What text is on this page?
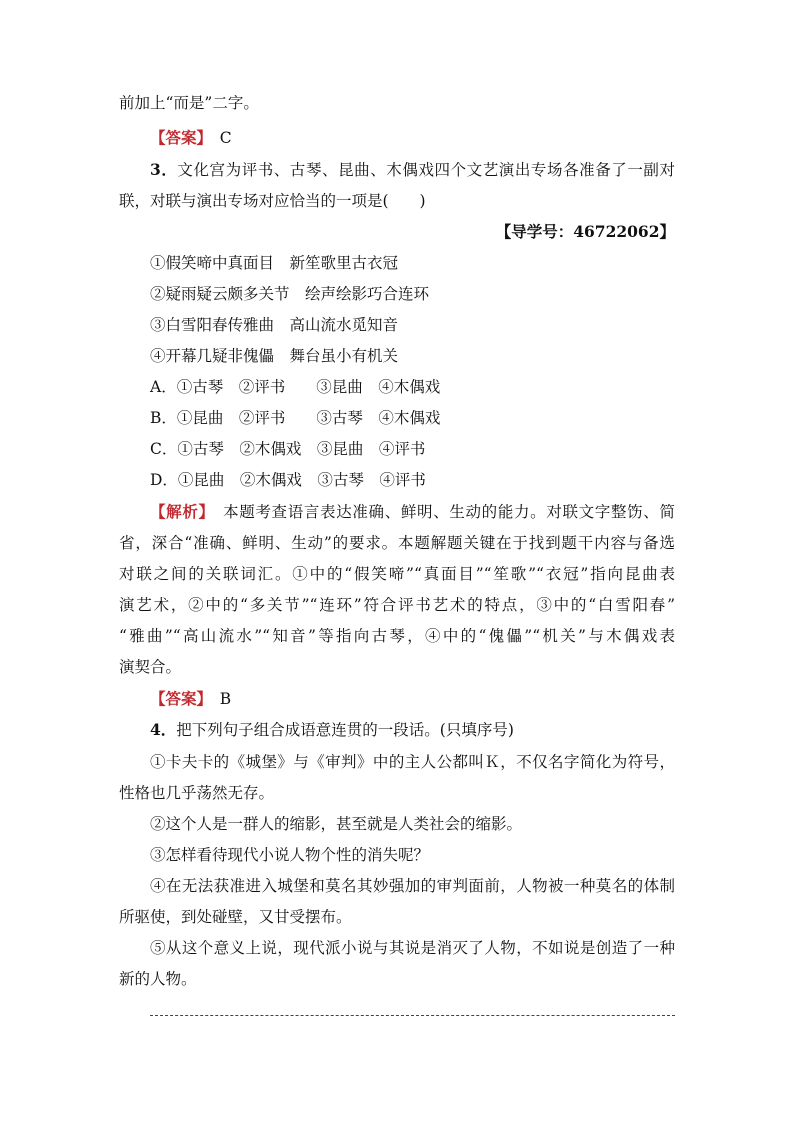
前加上“而是”二字。
【答案】　 C
3．文化宫为评书、古琴、昆曲、木偶戏四个文艺演出专场各准备了一副对
联，对联与演出专场对应恰当的一项是(　　)
【导学号：46722062】
①假笑啼中真面目　新笙歌里古衣冠
②疑雨疑云颇多关节　绘声绘影巧合连环
③白雪阳春传雅曲　高山流水觅知音
④开幕几疑非傀儡　舞台虽小有机关
A．①古琴　②评书　　③昆曲　④木偶戏
B．①昆曲　②评书　　③古琴　④木偶戏
C．①古琴　②木偶戏　③昆曲　④评书
D．①昆曲　②木偶戏　③古琴　④评书
【解析】　本题考查语言表达准确、鲜明、生动的能力。对联文字整饬、简
省，深合“准确、鲜明、生动”的要求。本题解题关键在于找到题干内容与备选
对联之间的关联词汇。①中的“假笑啼”“真面目”“笙歌”“衣冠”指向昆曲表
演艺术，②中的“多关节”“连环”符合评书艺术的特点，③中的“白雪阳春”
“雅曲”“高山流水”“知音”等指向古琴，④中的“傀儡”“机关”与木偶戏表
演契合。
【答案】　 B
4．把下列句子组合成语意连贯的一段话。(只填序号)
①卡夫卡的《城堡》与《审判》中的主人公都叫Ｋ，不仅名字简化为符号，
性格也几乎荡然无存。
②这个人是一群人的缩影，甚至就是人类社会的缩影。
③怎样看待现代小说人物个性的消失呢？
④在无法获准进入城堡和莫名其妙强加的审判面前，人物被一种莫名的体制
所驱使，到处碰壁，又甘受摆布。
⑤从这个意义上说，现代派小说与其说是消灭了人物，不如说是创造了一种
新的人物。
